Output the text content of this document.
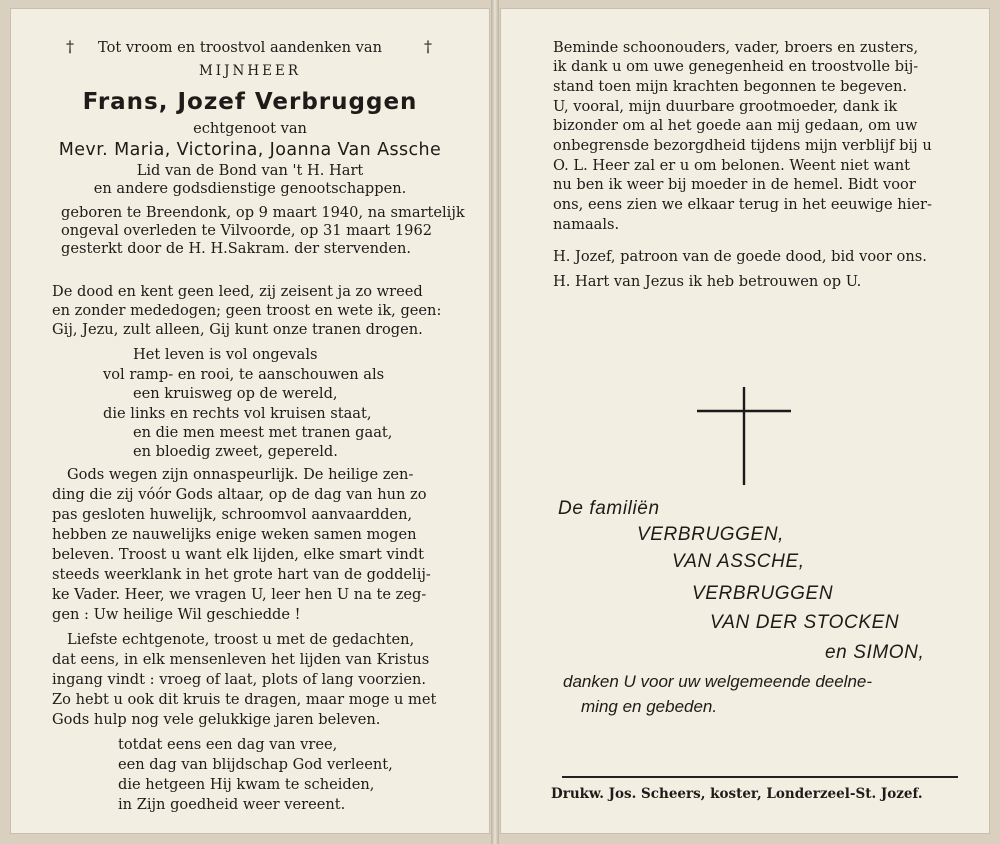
†	Tot vroom en troostvol aandenken van	†
MIJNHEER
Frans, Jozef Verbruggen
echtgenoot van
Mevr. Maria, Victorina, Joanna Van Assche
Lid van de Bond van 't H. Hart
en andere godsdienstige genootschappen.
geboren te Breendonk, op 9 maart 1940, na smartelijk
ongeval overleden te Vilvoorde, op 31 maart 1962
gesterkt door de H. H.Sakram. der stervenden.
De dood en kent geen leed, zij zeisent ja zo wreed
en zonder mededogen; geen troost en wete ik, geen:
Gij, Jezu, zult alleen, Gij kunt onze tranen drogen.
Het leven is vol ongevals
vol ramp- en rooi, te aanschouwen als
een kruisweg op de wereld,
die links en rechts vol kruisen staat,
en die men meest met tranen gaat,
en bloedig zweet, gepereld.
Gods wegen zijn onnaspeurlijk. De heilige zen-
ding die zij vóór Gods altaar, op de dag van hun zo
pas gesloten huwelijk, schroomvol aanvaardden,
hebben ze nauwelijks enige weken samen mogen
beleven. Troost u want elk lijden, elke smart vindt
steeds weerklank in het grote hart van de goddelij-
ke Vader. Heer, we vragen U, leer hen U na te zeg-
gen : Uw heilige Wil geschiedde !
Liefste echtgenote, troost u met de gedachten,
dat eens, in elk mensenleven het lijden van Kristus
ingang vindt : vroeg of laat, plots of lang voorzien.
Zo hebt u ook dit kruis te dragen, maar moge u met
Gods hulp nog vele gelukkige jaren beleven.
totdat eens een dag van vree,
een dag van blijdschap God verleent,
die hetgeen Hij kwam te scheiden,
in Zijn goedheid weer vereent.
Beminde schoonouders, vader, broers en zusters,
ik dank u om uwe genegenheid en troostvolle bij-
stand toen mijn krachten begonnen te begeven.
U, vooral, mijn duurbare grootmoeder, dank ik
bizonder om al het goede aan mij gedaan, om uw
onbegrensde bezorgdheid tijdens mijn verblijf bij u
O. L. Heer zal er u om belonen. Weent niet want
nu ben ik weer bij moeder in de hemel. Bidt voor
ons, eens zien we elkaar terug in het eeuwige hier-
namaals.
H. Jozef, patroon van de goede dood, bid voor ons.
H. Hart van Jezus ik heb betrouwen op U.
De familiën
VERBRUGGEN,
VAN ASSCHE,
VERBRUGGEN
VAN DER STOCKEN
en SIMON,
danken U voor uw welgemeende deelne-
ming en gebeden.
Drukw. Jos. Scheers, koster, Londerzeel-St. Jozef.
